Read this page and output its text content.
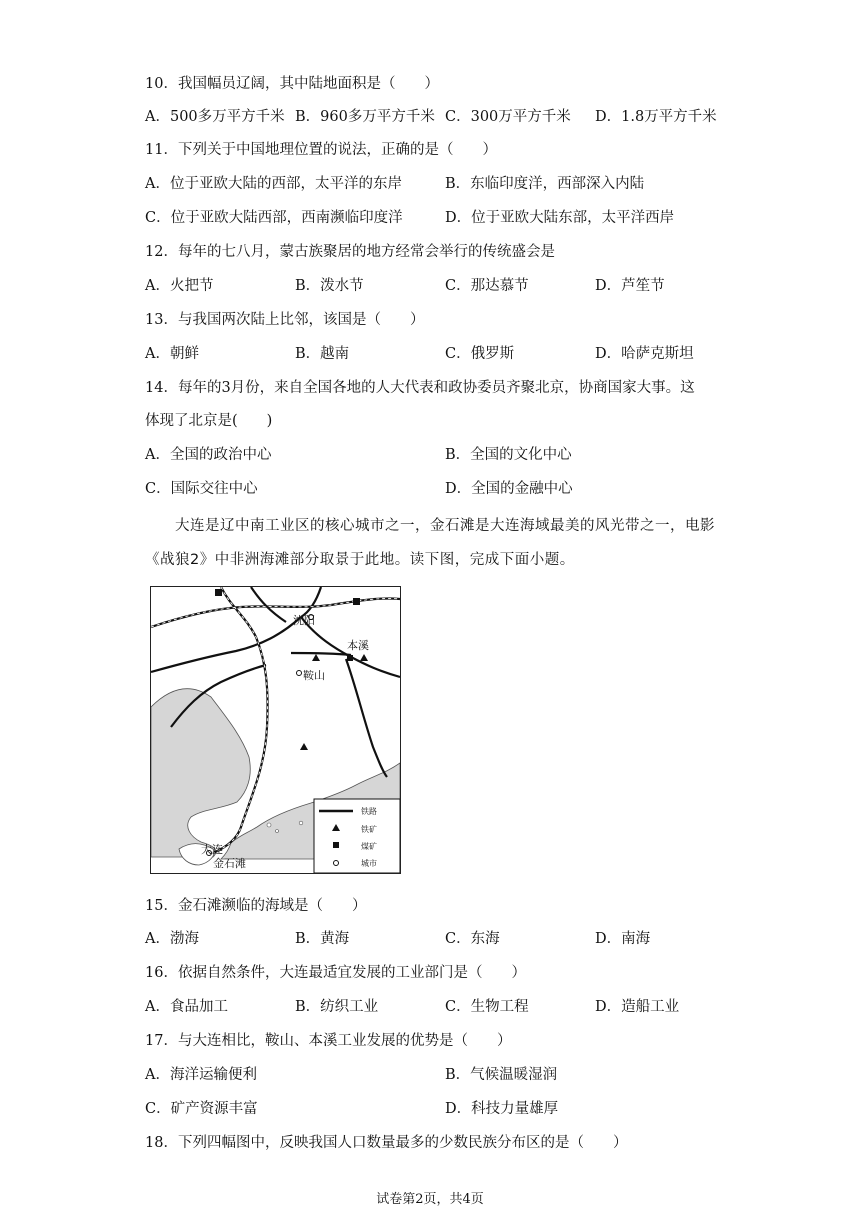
10．我国幅员辽阔，其中陆地面积是（　　）
A．500多万平方千米 B．960多万平方千米 C．300万平方千米 D．1.8万平方千米
11．下列关于中国地理位置的说法，正确的是（　　）
A．位于亚欧大陆的西部，太平洋的东岸	B．东临印度洋，西部深入内陆
C．位于亚欧大陆西部，西南濒临印度洋	D．位于亚欧大陆东部，太平洋西岸
12．每年的七八月，蒙古族聚居的地方经常会举行的传统盛会是
A．火把节	B．泼水节	C．那达慕节	D．芦笙节
13．与我国两次陆上比邻，该国是（　　）
A．朝鲜	B．越南	C．俄罗斯	D．哈萨克斯坦
14．每年的3月份，来自全国各地的人大代表和政协委员齐聚北京，协商国家大事。这
体现了北京是(　　)
A．全国的政治中心	B．全国的文化中心
C．国际交往中心	D．全国的金融中心
大连是辽中南工业区的核心城市之一，金石滩是大连海域最美的风光带之一，电影
《战狼2》中非洲海滩部分取景于此地。读下图，完成下面小题。
沈阳
本溪
鞍山
大连
金石滩
铁路
铁矿
煤矿
城市
15．金石滩濒临的海域是（　　）
A．渤海	B．黄海	C．东海	D．南海
16．依据自然条件，大连最适宜发展的工业部门是（　　）
A．食品加工	B．纺织工业	C．生物工程	D．造船工业
17．与大连相比，鞍山、本溪工业发展的优势是（　　）
A．海洋运输便利	B．气候温暖湿润
C．矿产资源丰富	D．科技力量雄厚
18．下列四幅图中，反映我国人口数量最多的少数民族分布区的是（　　）
试卷第2页，共4页
